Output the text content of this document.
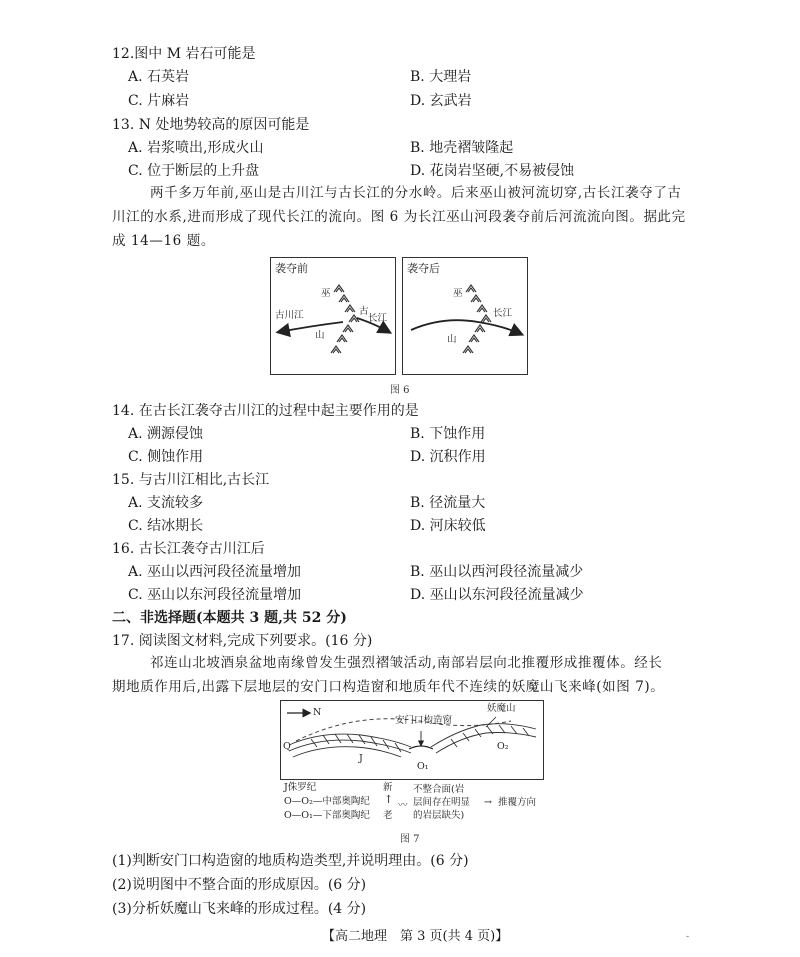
12.图中 M 岩石可能是
A. 石英岩	B. 大理岩
C. 片麻岩	D. 玄武岩
13. N 处地势较高的原因可能是
A. 岩浆喷出,形成火山	B. 地壳褶皱隆起
C. 位于断层的上升盘	D. 花岗岩坚硬,不易被侵蚀
两千多万年前,巫山是古川江与古长江的分水岭。后来巫山被河流切穿,古长江袭夺了古
川江的水系,进而形成了现代长江的流向。图 6 为长江巫山河段袭夺前后河流流向图。据此完
成 14—16 题。
袭夺前
巫
山
古川江	古
长江
袭夺后
巫
山
长江
图 6
14. 在古长江袭夺古川江的过程中起主要作用的是
A. 溯源侵蚀	B. 下蚀作用
C. 侧蚀作用	D. 沉积作用
15. 与古川江相比,古长江
A. 支流较多	B. 径流量大
C. 结冰期长	D. 河床较低
16. 古长江袭夺古川江后
A. 巫山以西河段径流量增加	B. 巫山以西河段径流量减少
C. 巫山以东河段径流量增加	D. 巫山以东河段径流量减少
二、非选择题(本题共 3 题,共 52 分)
17. 阅读图文材料,完成下列要求。(16 分)
祁连山北坡酒泉盆地南缘曾发生强烈褶皱活动,南部岩层向北推覆形成推覆体。经长
期地质作用后,出露下层地层的安门口构造窗和地质年代不连续的妖魔山飞来峰(如图 7)。
N
安门口构造窗
妖魔山
Q
J
O₁
O₂
J侏罗纪
O—O₂—中部奥陶纪
O—O₁—下部奥陶纪
新
↑
老
〰
不整合面(岩
层间存在明显
的岩层缺失)
→ 推覆方向
图 7
(1)判断安门口构造窗的地质构造类型,并说明理由。(6 分)
(2)说明图中不整合面的形成原因。(6 分)
(3)分析妖魔山飞来峰的形成过程。(4 分)
【高二地理　第 3 页(共 4 页)】	‐
